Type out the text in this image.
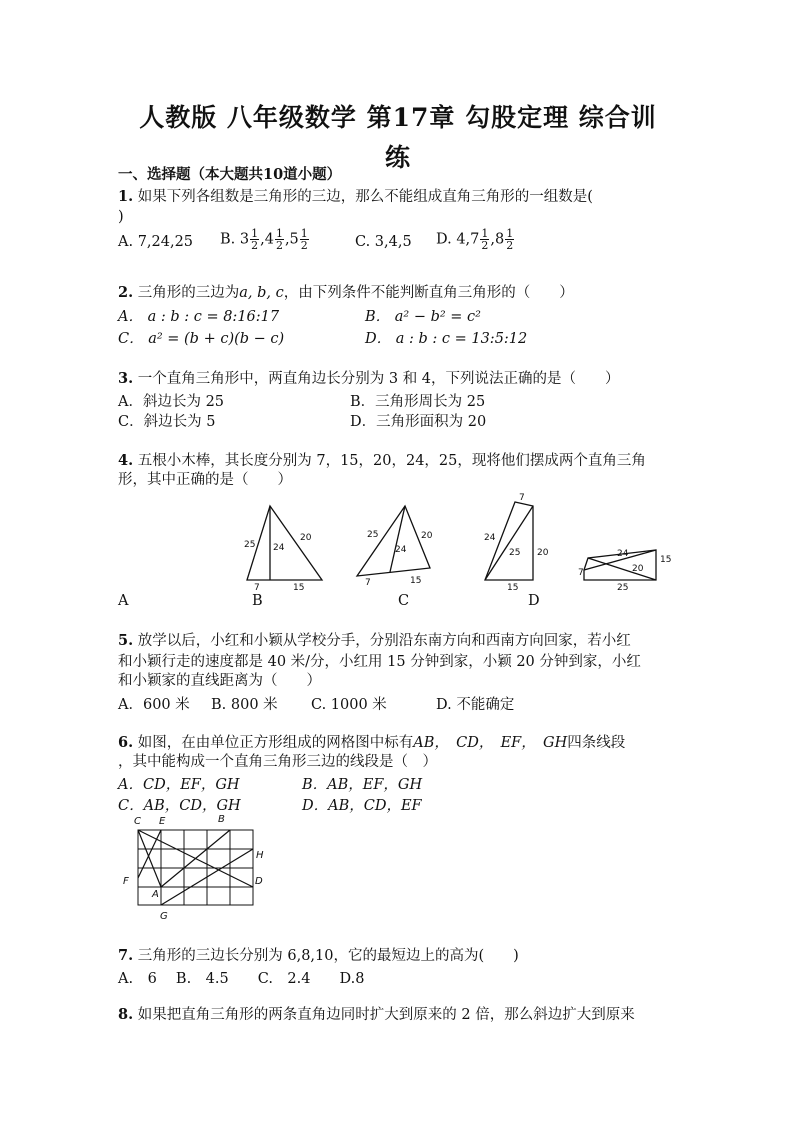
人教版 八年级数学 第17章 勾股定理 综合训
练
一、选择题（本大题共10道小题）
1. 如果下列各组数是三角形的三边，那么不能组成直角三角形的一组数是(
)
A. 7,24,25 B. $3 \frac{1}{2} ,4 \frac{1}{2} ,5 \frac{1}{2}$	C. 3,4,5 D. $4,7 \frac{1}{2} ,8 \frac{1}{2}$
2. 三角形的三边为a, b, c，由下列条件不能判断直角三角形的（　　）
A． a : b : c = 8:16:17	B． a² − b² = c²
C． a² = (b + c)(b − c)	D． a : b : c = 13:5:12
3. 一个直角三角形中，两直角边长分别为 3 和 4，下列说法正确的是（　　）
A．斜边长为 25	B．三角形周长为 25
C．斜边长为 5	D．三角形面积为 20
4. 五根小木棒，其长度分别为 7，15，20，24，25，现将他们摆成两个直角三角
形，其中正确的是（　　）
A	B	C	D
5. 放学以后，小红和小颖从学校分手，分别沿东南方向和西南方向回家，若小红
和小颖行走的速度都是 40 米/分，小红用 15 分钟到家，小颖 20 分钟到家，小红
和小颖家的直线距离为（　　）
A．600 米 B. 800 米 C. 1000 米	D. 不能确定
6. 如图，在由单位正方形组成的网格图中标有AB，　CD，　EF，　GH四条线段
，其中能构成一个直角三角形三边的线段是（　）
A．CD，EF，GH	B．AB，EF，GH
C．AB，CD，GH	D．AB，CD，EF
7. 三角形的三边长分别为 6,8,10，它的最短边上的高为(　　)
A.　6　 B.　4.5　　C.　2.4　　D.8
8. 如果把直角三角形的两条直角边同时扩大到原来的 2 倍，那么斜边扩大到原来
25 24
20
7	15
25
24
20
7	15
7
24
25 20
15
7
24
15
20
25
C E	B
H
F
A
D
G
